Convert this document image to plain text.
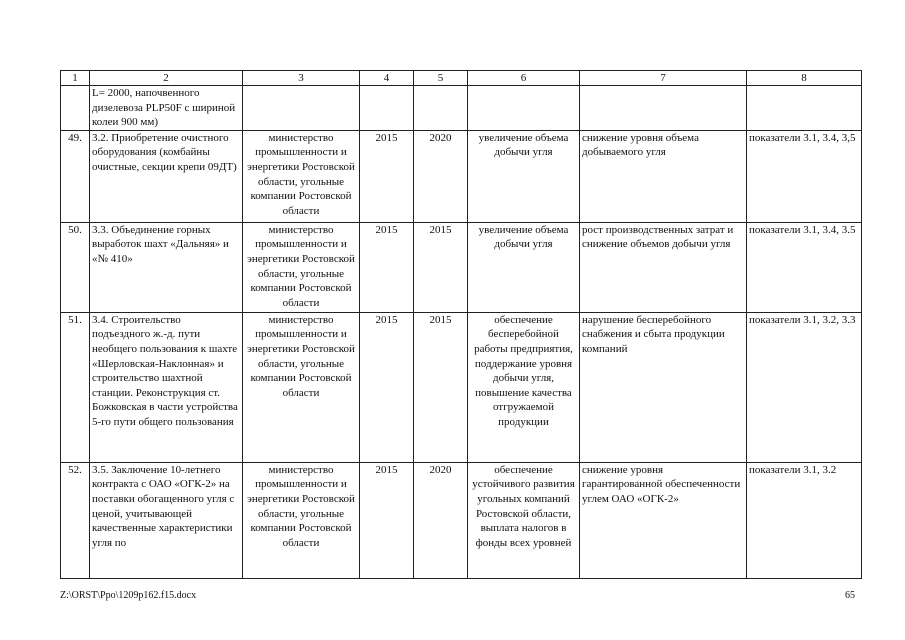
1	2	3	4	5	6	7	8
	L= 2000, напочвенного дизелевоза PLP50F с шириной колеи 900 мм)						
49.	3.2. Приобретение очистного оборудования (комбайны очистные, секции крепи 09ДТ)	министерство промышленности и энергетики Ростовской области, угольные компании Ростовской области	2015	2020	увеличение объема добычи угля	снижение уровня объема добываемого угля	показатели 3.1, 3.4, 3,5
50.	3.3. Объединение горных выработок шахт «Дальняя» и «№ 410»	министерство промышленности и энергетики Ростовской области, угольные компании Ростовской области	2015	2015	увеличение объема добычи угля	рост производственных затрат и снижение объемов добычи угля	показатели 3.1, 3.4, 3.5
51.	3.4. Строительство подъездного ж.-д. пути необщего пользования к шахте «Шерловская-Наклонная» и строительство шахтной станции. Реконструкция ст. Божковская в части устройства 5-го пути общего пользования	министерство промышленности и энергетики Ростовской области, угольные компании Ростовской области	2015	2015	обеспечение бесперебойной работы предприятия, поддержание уровня добычи угля, повышение качества отгружаемой продукции	нарушение бесперебойного снабжения и сбыта продукции компаний	показатели 3.1, 3.2, 3.3
52.	3.5. Заключение 10-летнего контракта с ОАО «ОГК-2» на поставки обогащенного угля с ценой, учитывающей качественные характеристики угля по	министерство промышленности и энергетики Ростовской области, угольные компании Ростовской области	2015	2020	обеспечение устойчивого развития угольных компаний Ростовской области, выплата налогов в фонды всех уровней	снижение уровня гарантированной обеспеченности углем ОАО «ОГК-2»	показатели 3.1, 3.2
Z:\ORST\Ppo\1209p162.f15.docx	65
